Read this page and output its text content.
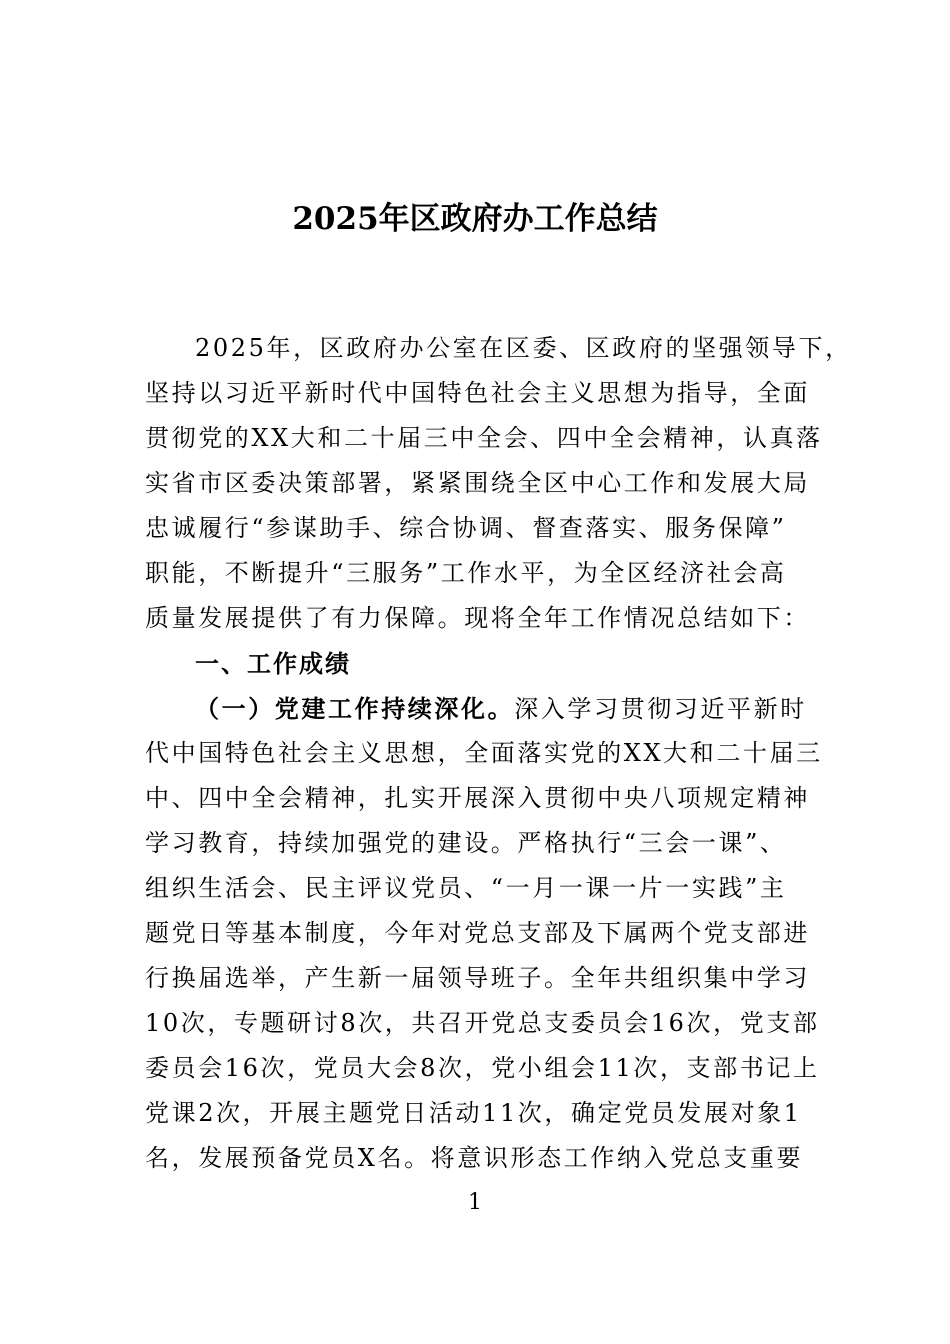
2025年区政府办工作总结
2025年，区政府办公室在区委、区政府的坚强领导下，
坚持以习近平新时代中国特色社会主义思想为指导，全面
贯彻党的XX大和二十届三中全会、四中全会精神，认真落
实省市区委决策部署，紧紧围绕全区中心工作和发展大局
忠诚履行“参谋助手、综合协调、督查落实、服务保障”
职能，不断提升“三服务”工作水平，为全区经济社会高
质量发展提供了有力保障。现将全年工作情况总结如下：
一、工作成绩
（一）党建工作持续深化。深入学习贯彻习近平新时
代中国特色社会主义思想，全面落实党的XX大和二十届三
中、四中全会精神，扎实开展深入贯彻中央八项规定精神
学习教育，持续加强党的建设。严格执行“三会一课”、
组织生活会、民主评议党员、“一月一课一片一实践”主
题党日等基本制度，今年对党总支部及下属两个党支部进
行换届选举，产生新一届领导班子。全年共组织集中学习
10次，专题研讨8次，共召开党总支委员会16次，党支部
委员会16次，党员大会8次，党小组会11次，支部书记上
党课2次，开展主题党日活动11次，确定党员发展对象1
名，发展预备党员X名。将意识形态工作纳入党总支重要
1
